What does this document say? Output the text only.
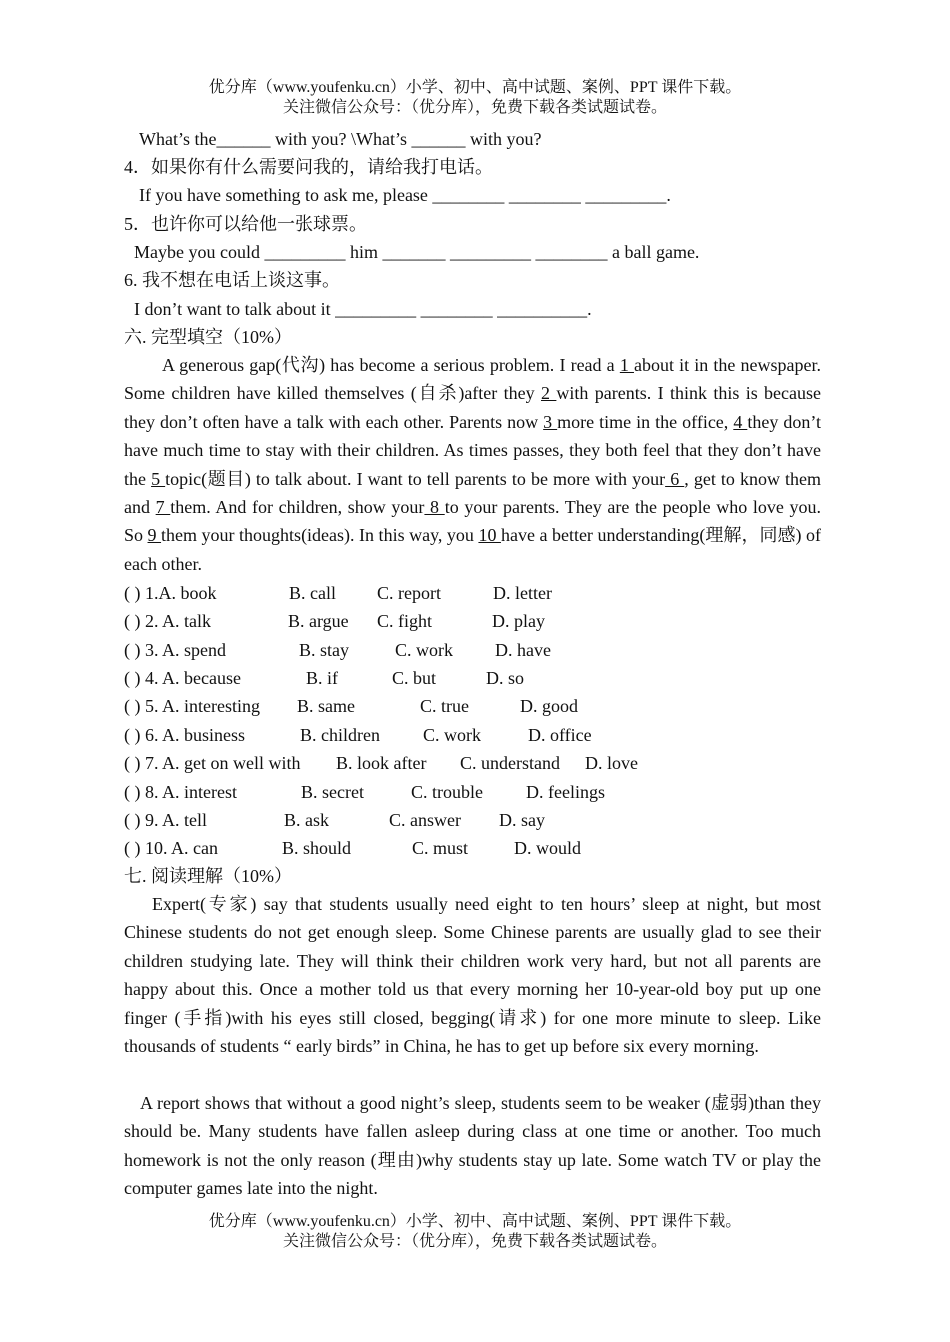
优分库（www.youfenku.cn）小学、初中、高中试题、案例、PPT 课件下载。
关注微信公众号：（优分库），免费下载各类试题试卷。
What’s the______ with you? \What’s ______ with you?
4．如果你有什么需要问我的，请给我打电话。
If you have something to ask me, please ________ ________ _________.
5．也许你可以给他一张球票。
Maybe you could _________ him _______ _________ ________ a ball game.
6. 我不想在电话上谈这事。
I don’t want to talk about it _________ ________ __________.
六. 完型填空（10%）
A generous gap(代沟) has become a serious problem. I read a 1 about it in the newspaper. Some children have killed themselves (自杀)after they 2 with parents. I think this is because they don’t often have a talk with each other. Parents now 3 more time in the office, 4 they don’t have much time to stay with their children. As times passes, they both feel that they don’t have the 5 topic(题目) to talk about. I want to tell parents to be more with your 6 , get to know them and 7 them. And for children, show your 8 to your parents. They are the people who love you. So 9 them your thoughts(ideas). In this way, you 10 have a better understanding(理解，同感) of each other.
( ) 1.A. book	B. call C. report	D. letter
( ) 2. A. talk	B. argue C. fight	D. play
( ) 3. A. spend	B. stay	C. work D. have
( ) 4. A. because	B. if	C. but	D. so
( ) 5. A. interesting B. same	C. true	D. good
( ) 6. A. business	B. children C. work	D. office
( ) 7. A. get on well with B. look after C. understand D. love
( ) 8. A. interest	B. secret	C. trouble D. feelings
( ) 9. A. tell	B. ask	C. answer D. say
( ) 10. A. can	B. should	C. must	D. would
七. 阅读理解（10%）
Expert(专家) say that students usually need eight to ten hours’ sleep at night, but most Chinese students do not get enough sleep. Some Chinese parents are usually glad to see their children studying late. They will think their children work very hard, but not all parents are happy about this. Once a mother told us that every morning her 10-year-old boy put up one finger (手指)with his eyes still closed, begging(请求) for one more minute to sleep. Like thousands of students “ early birds” in China, he has to get up before six every morning.
A report shows that without a good night’s sleep, students seem to be weaker (虚弱)than they should be. Many students have fallen asleep during class at one time or another. Too much homework is not the only reason (理由)why students stay up late. Some watch TV or play the computer games late into the night.
优分库（www.youfenku.cn）小学、初中、高中试题、案例、PPT 课件下载。
关注微信公众号：（优分库），免费下载各类试题试卷。
